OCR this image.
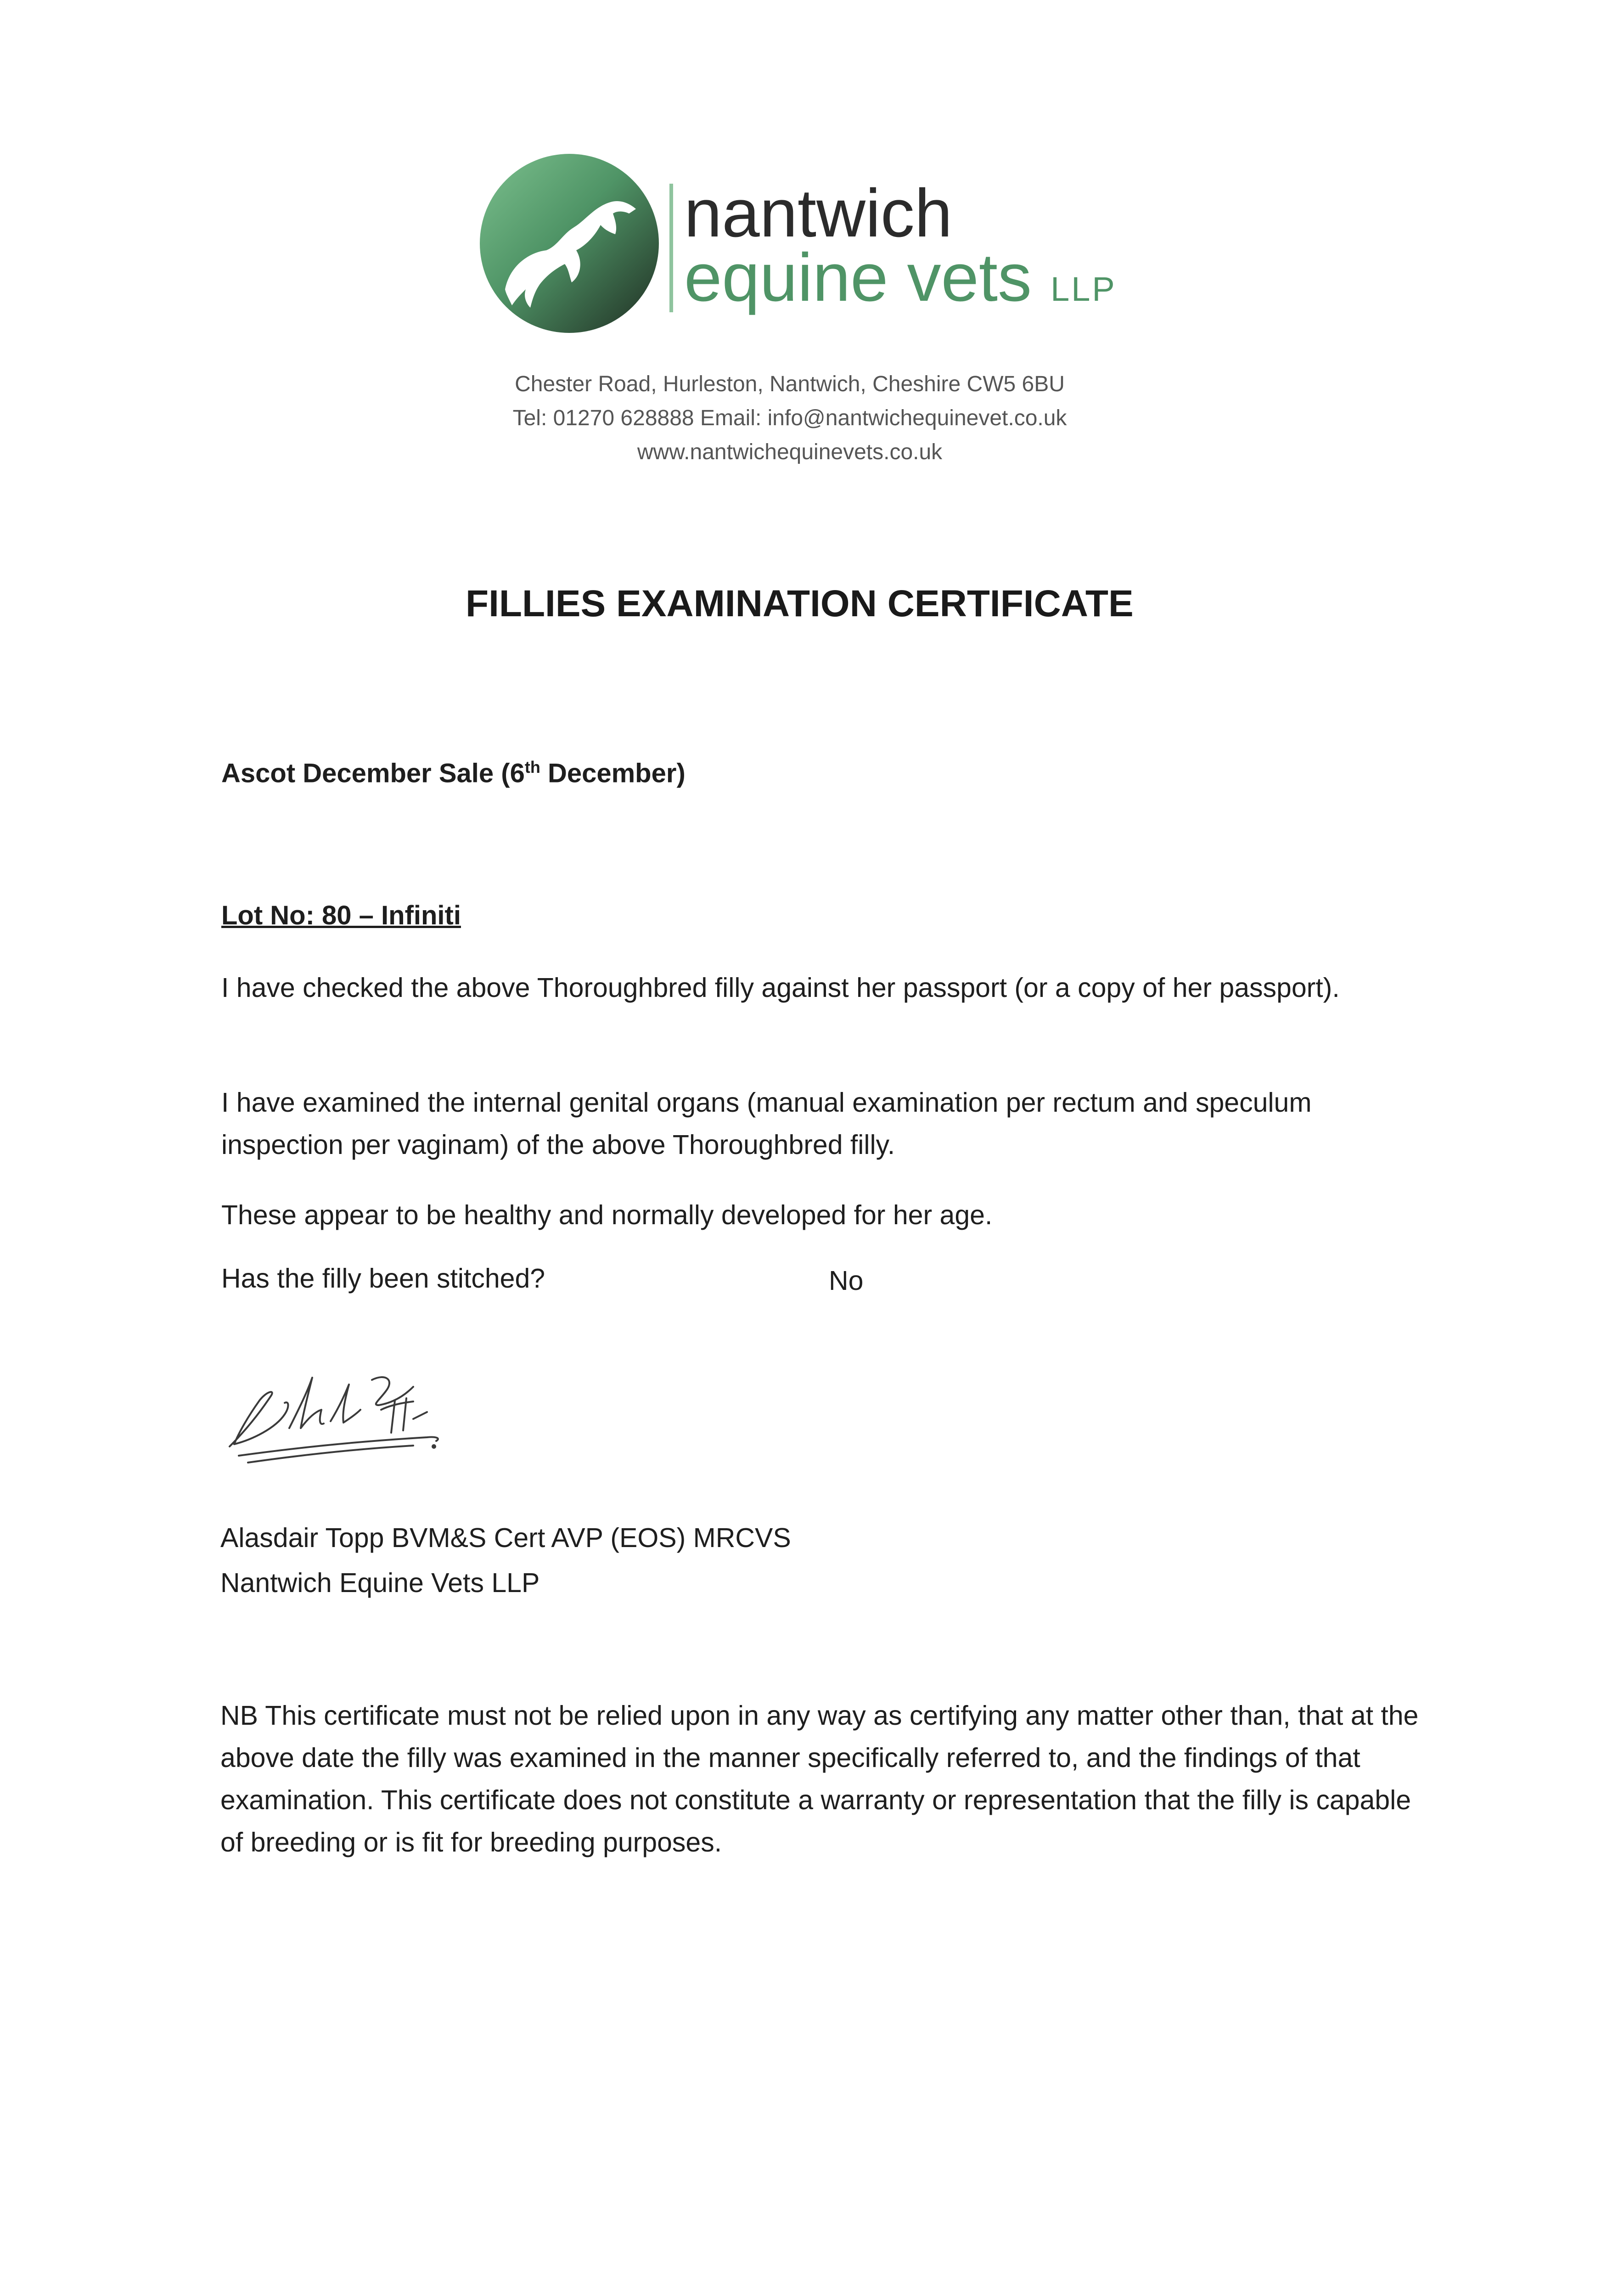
nantwich
equine vets LLP
Chester Road, Hurleston, Nantwich, Cheshire CW5 6BU
Tel: 01270 628888 Email: info@nantwichequinevet.co.uk
www.nantwichequinevets.co.uk
FILLIES EXAMINATION CERTIFICATE
Ascot December Sale (6th December)
Lot No: 80 – Infiniti
I have checked the above Thoroughbred filly against her passport (or a copy of her passport).
I have examined the internal genital organs (manual examination per rectum and speculum inspection per vaginam) of the above Thoroughbred filly.
These appear to be healthy and normally developed for her age.
Has the filly been stitched?	No
Alasdair Topp BVM&S Cert AVP (EOS) MRCVS
Nantwich Equine Vets LLP
NB This certificate must not be relied upon in any way as certifying any matter other than, that at the above date the filly was examined in the manner specifically referred to, and the findings of that examination. This certificate does not constitute a warranty or representation that the filly is capable of breeding or is fit for breeding purposes.
